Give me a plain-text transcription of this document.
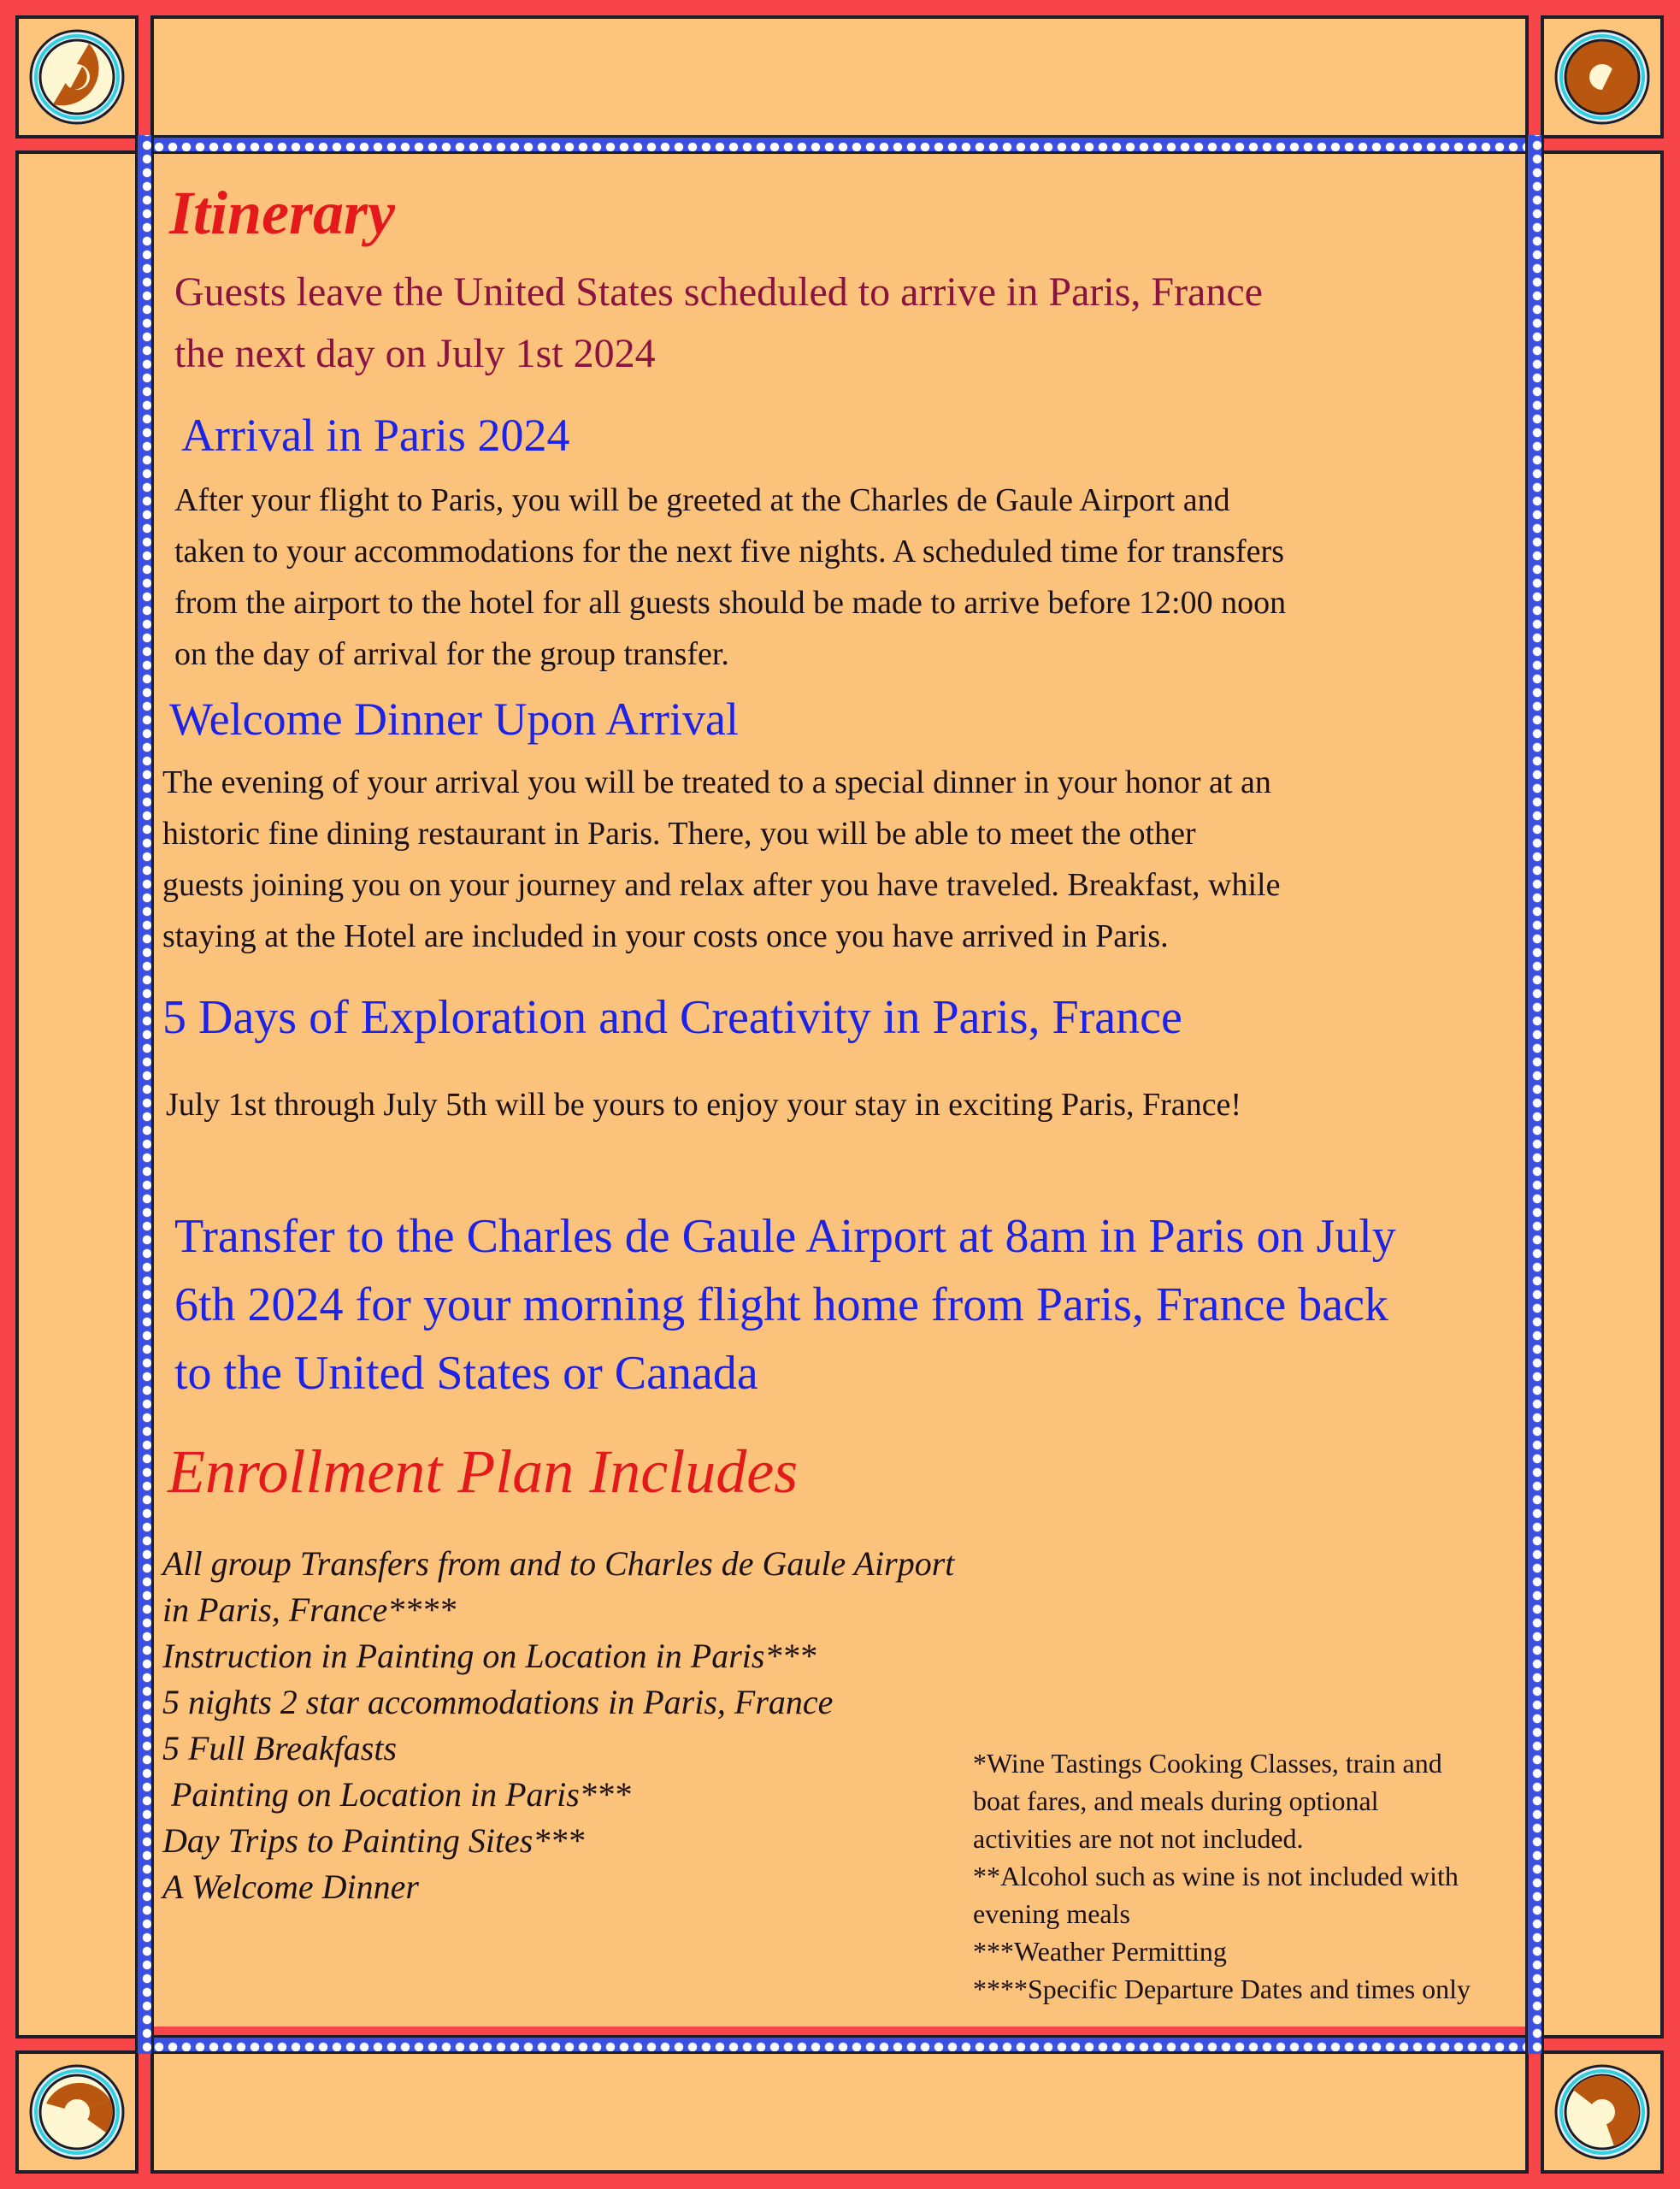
Itinerary
Guests leave the United States scheduled to arrive in Paris, France
the next day on July 1st 2024
Arrival in Paris 2024
After your flight to Paris, you will be greeted at the Charles de Gaule Airport and
taken to your accommodations for the next five nights. A scheduled time for transfers
from the airport to the hotel for all guests should be made to arrive before 12:00 noon
on the day of arrival for the group transfer.
Welcome Dinner Upon Arrival
The evening of your arrival you will be treated to a special dinner in your honor at an
historic fine dining restaurant in Paris. There, you will be able to meet the other
guests joining you on your journey and relax after you have traveled. Breakfast, while
staying at the Hotel are included in your costs once you have arrived in Paris.
5 Days of Exploration and Creativity in Paris, France
July 1st through July 5th will be yours to enjoy your stay in exciting Paris, France!
Transfer to the Charles de Gaule Airport at 8am in Paris on July
6th 2024 for your morning flight home from Paris, France back
to the United States or Canada
Enrollment Plan Includes
All group Transfers from and to Charles de Gaule Airport
in Paris, France****
Instruction in Painting on Location in Paris***
5 nights 2 star accommodations in Paris, France
5 Full Breakfasts
Painting on Location in Paris***
Day Trips to Painting Sites***
A Welcome Dinner
*Wine Tastings Cooking Classes, train and
boat fares, and meals during optional
activities are not not included.
**Alcohol such as wine is not included with
evening meals
***Weather Permitting
****Specific Departure Dates and times only
